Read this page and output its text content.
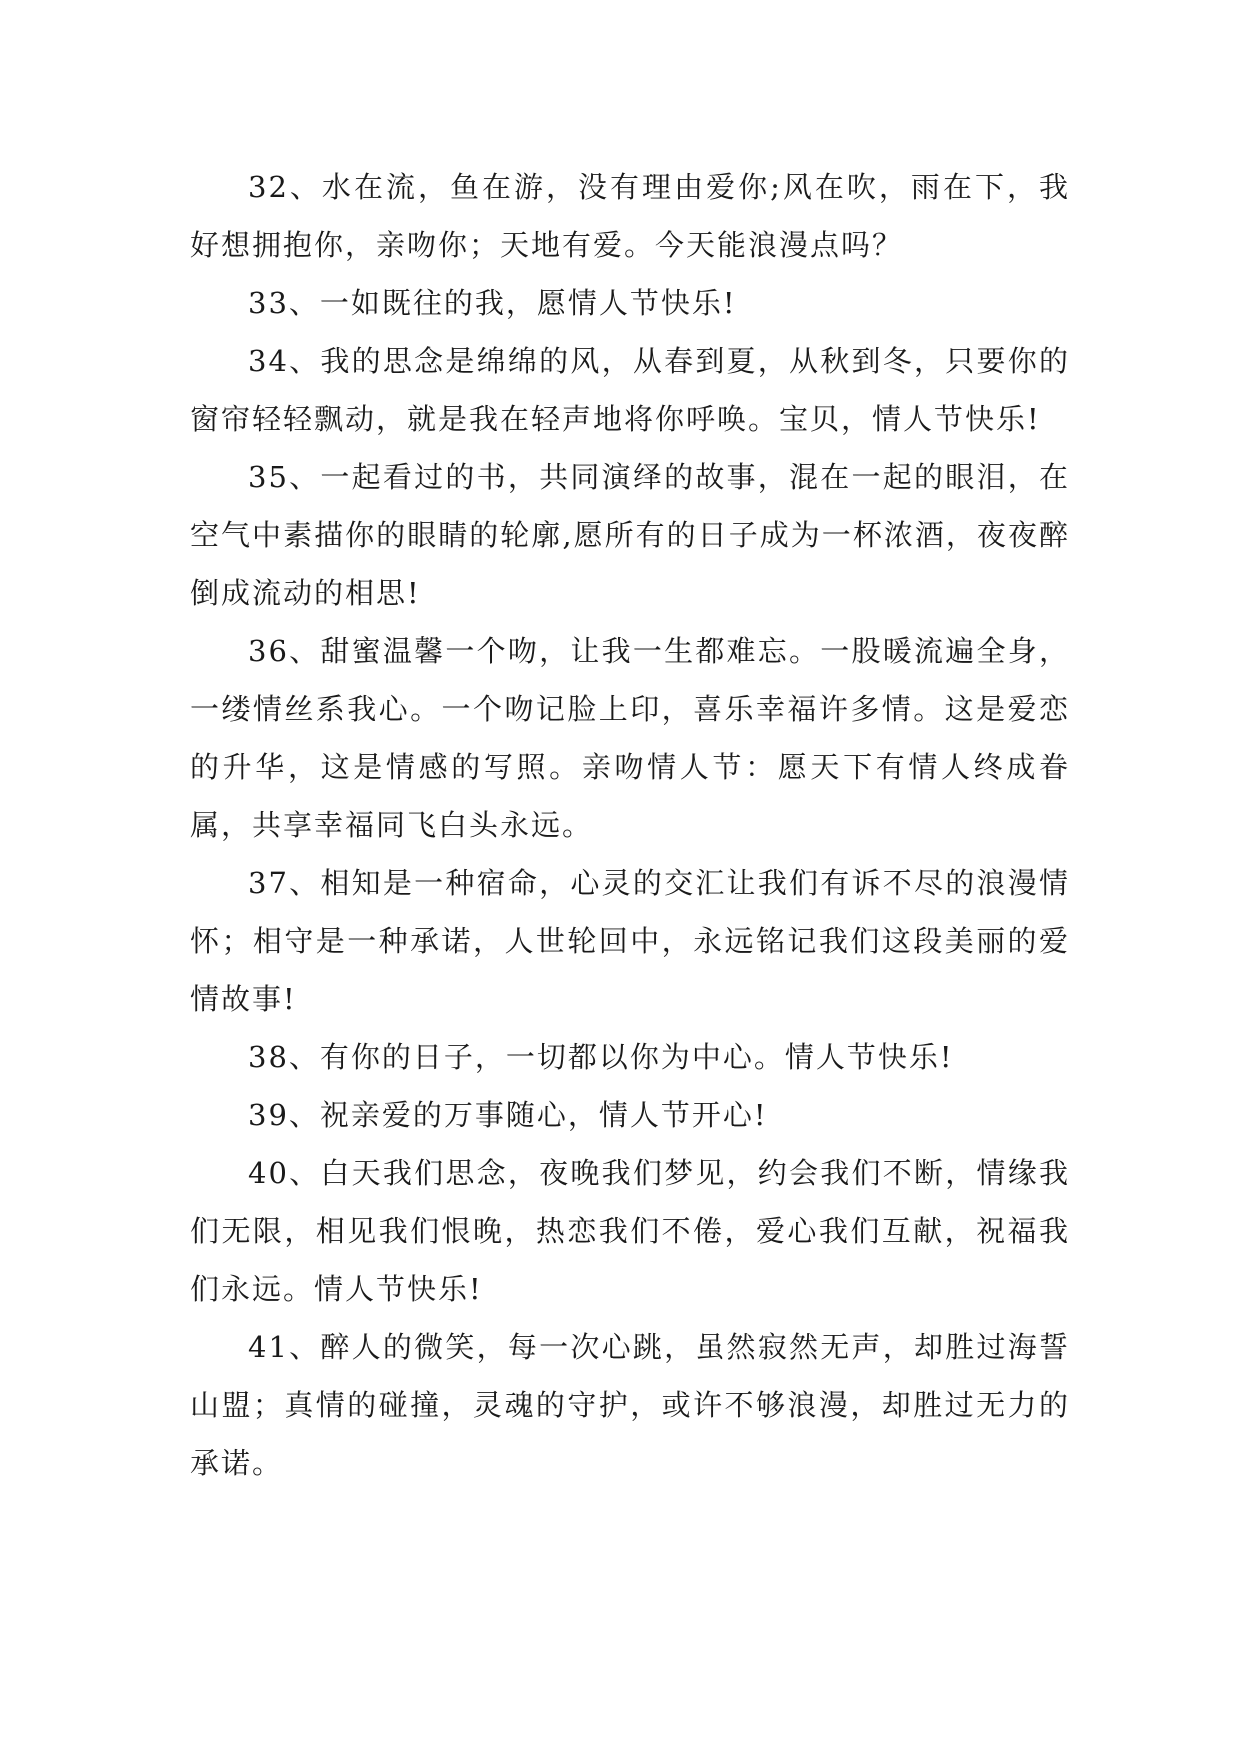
32、水在流，鱼在游，没有理由爱你;风在吹，雨在下，我好想拥抱你，亲吻你；天地有爱。今天能浪漫点吗？

33、一如既往的我，愿情人节快乐!

34、我的思念是绵绵的风，从春到夏，从秋到冬，只要你的窗帘轻轻飘动，就是我在轻声地将你呼唤。宝贝，情人节快乐!

35、一起看过的书，共同演绎的故事，混在一起的眼泪，在空气中素描你的眼睛的轮廓,愿所有的日子成为一杯浓酒，夜夜醉倒成流动的相思!

36、甜蜜温馨一个吻，让我一生都难忘。一股暖流遍全身，一缕情丝系我心。一个吻记脸上印，喜乐幸福许多情。这是爱恋的升华，这是情感的写照。亲吻情人节：愿天下有情人终成眷属，共享幸福同飞白头永远。

37、相知是一种宿命，心灵的交汇让我们有诉不尽的浪漫情怀；相守是一种承诺，人世轮回中，永远铭记我们这段美丽的爱情故事!

38、有你的日子，一切都以你为中心。情人节快乐!

39、祝亲爱的万事随心，情人节开心!

40、白天我们思念，夜晚我们梦见，约会我们不断，情缘我们无限，相见我们恨晚，热恋我们不倦，爱心我们互献，祝福我们永远。情人节快乐!

41、醉人的微笑，每一次心跳，虽然寂然无声，却胜过海誓山盟；真情的碰撞，灵魂的守护，或许不够浪漫，却胜过无力的承诺。
